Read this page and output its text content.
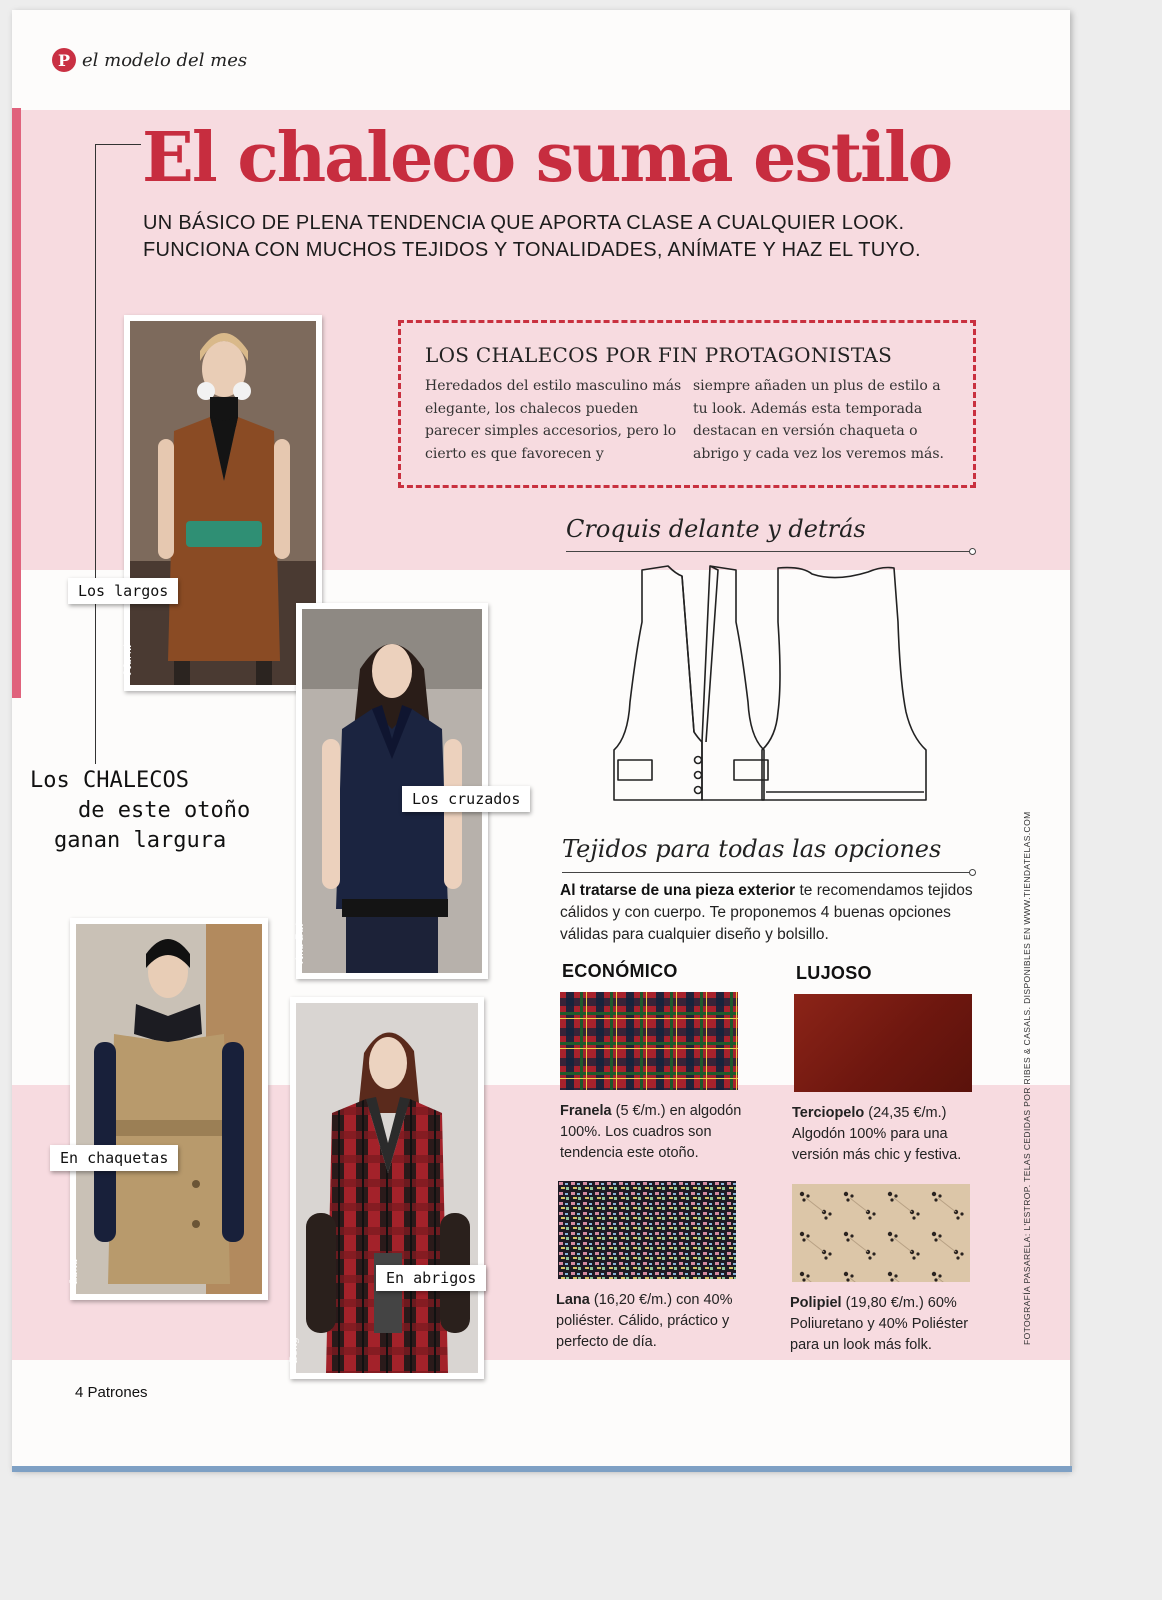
P el modelo del mes
El chaleco suma estilo
UN BÁSICO DE PLENA TENDENCIA QUE APORTA CLASE A CUALQUIER LOOK.
FUNCIONA CON MUCHOS TEJIDOS Y TONALIDADES, ANÍMATE Y HAZ EL TUYO.
Marni
Ana Bui
Lanu
Bong
Los largos
Los cruzados
En chaquetas
En abrigos
Los CHALECOS
de este otoño
ganan largura
LOS CHALECOS POR FIN PROTAGONISTAS
Heredados del estilo masculino más elegante, los chalecos pueden parecer simples accesorios, pero lo cierto es que favorecen y
siempre añaden un plus de estilo a tu look. Además esta temporada destacan en versión chaqueta o abrigo y cada vez los veremos más.
Croquis delante y detrás
Tejidos para todas las opciones
Al tratarse de una pieza exterior te recomendamos tejidos cálidos y con cuerpo. Te proponemos 4 buenas opciones válidas para cualquier diseño y bolsillo.
ECONÓMICO	LUJOSO
Franela (5 €/m.) en algodón 100%. Los cuadros son tendencia este otoño.
Terciopelo (24,35 €/m.) Algodón 100% para una versión más chic y festiva.
Lana (16,20 €/m.) con 40% poliéster. Cálido, práctico y perfecto de día.
Polipiel (19,80 €/m.) 60% Poliuretano y 40% Poliéster para un look más folk.
4 Patrones
FOTOGRAFÍA PASARELA: L'ESTROP. TELAS CEDIDAS POR RIBES & CASALS. DISPONIBLES EN WWW.TIENDATELAS.COM
